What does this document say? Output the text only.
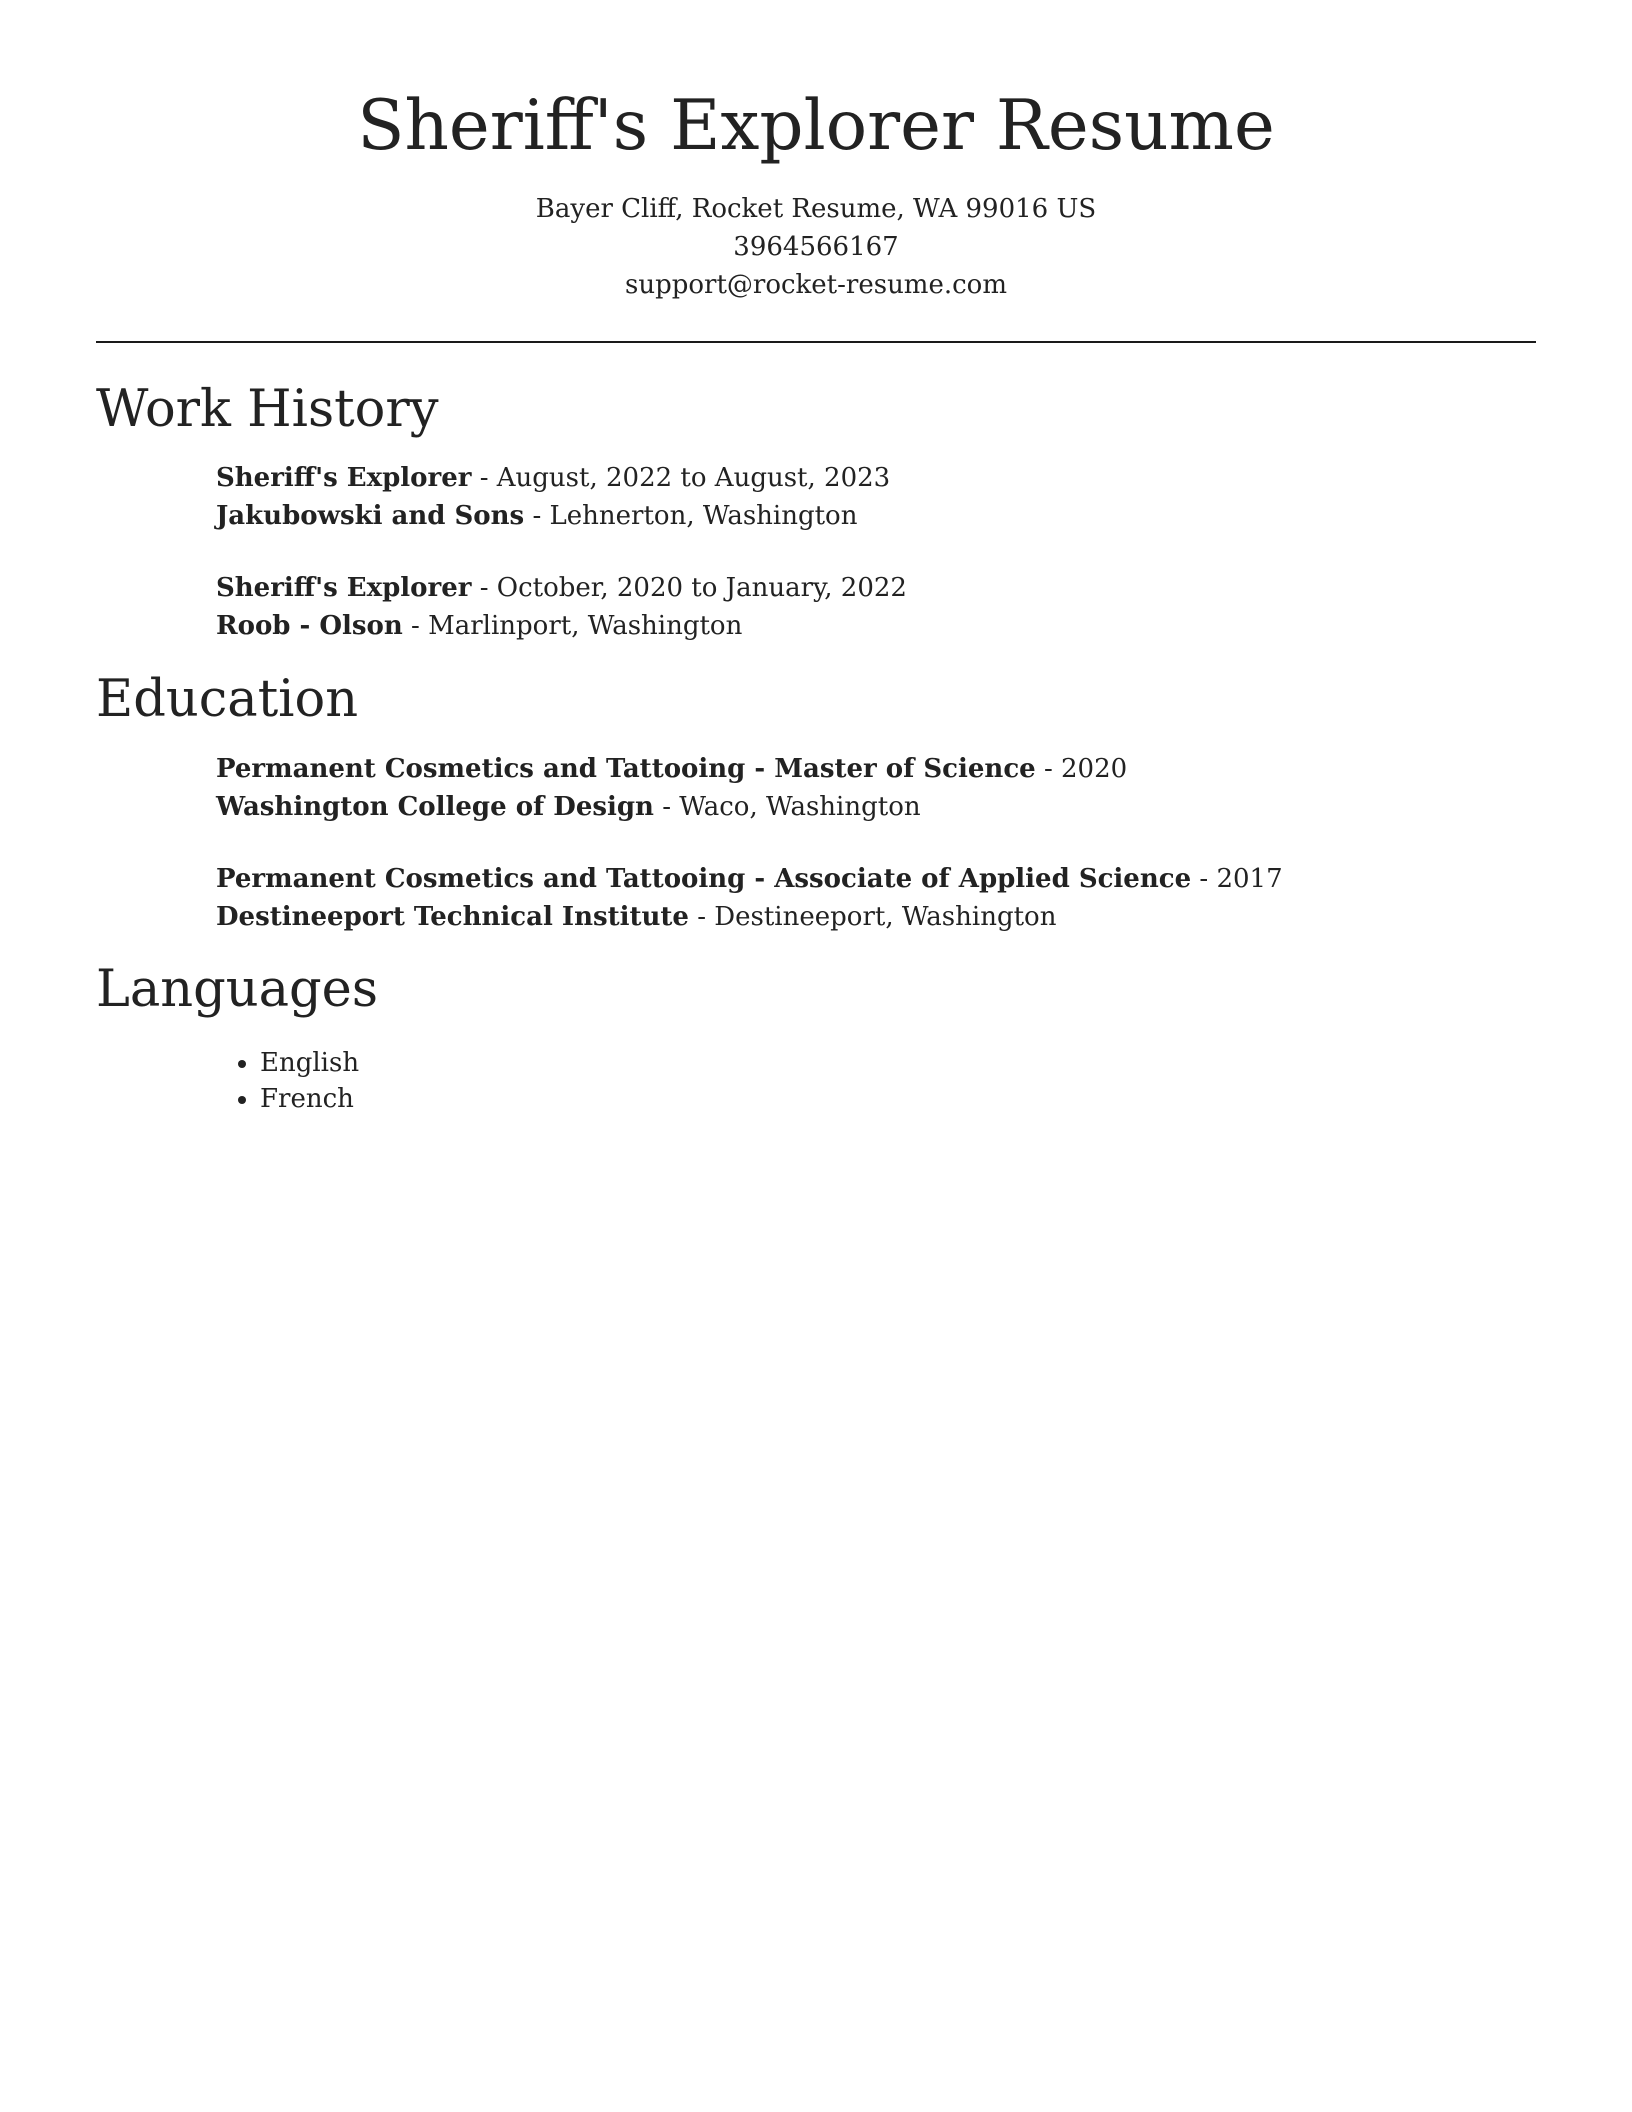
Sheriff's Explorer Resume
Bayer Cliff, Rocket Resume, WA 99016 US
3964566167
support@rocket-resume.com
Work History
Sheriff's Explorer - August, 2022 to August, 2023
Jakubowski and Sons - Lehnerton, Washington
Sheriff's Explorer - October, 2020 to January, 2022
Roob - Olson - Marlinport, Washington
Education
Permanent Cosmetics and Tattooing - Master of Science - 2020
Washington College of Design - Waco, Washington
Permanent Cosmetics and Tattooing - Associate of Applied Science - 2017
Destineeport Technical Institute - Destineeport, Washington
Languages
• English
• French
